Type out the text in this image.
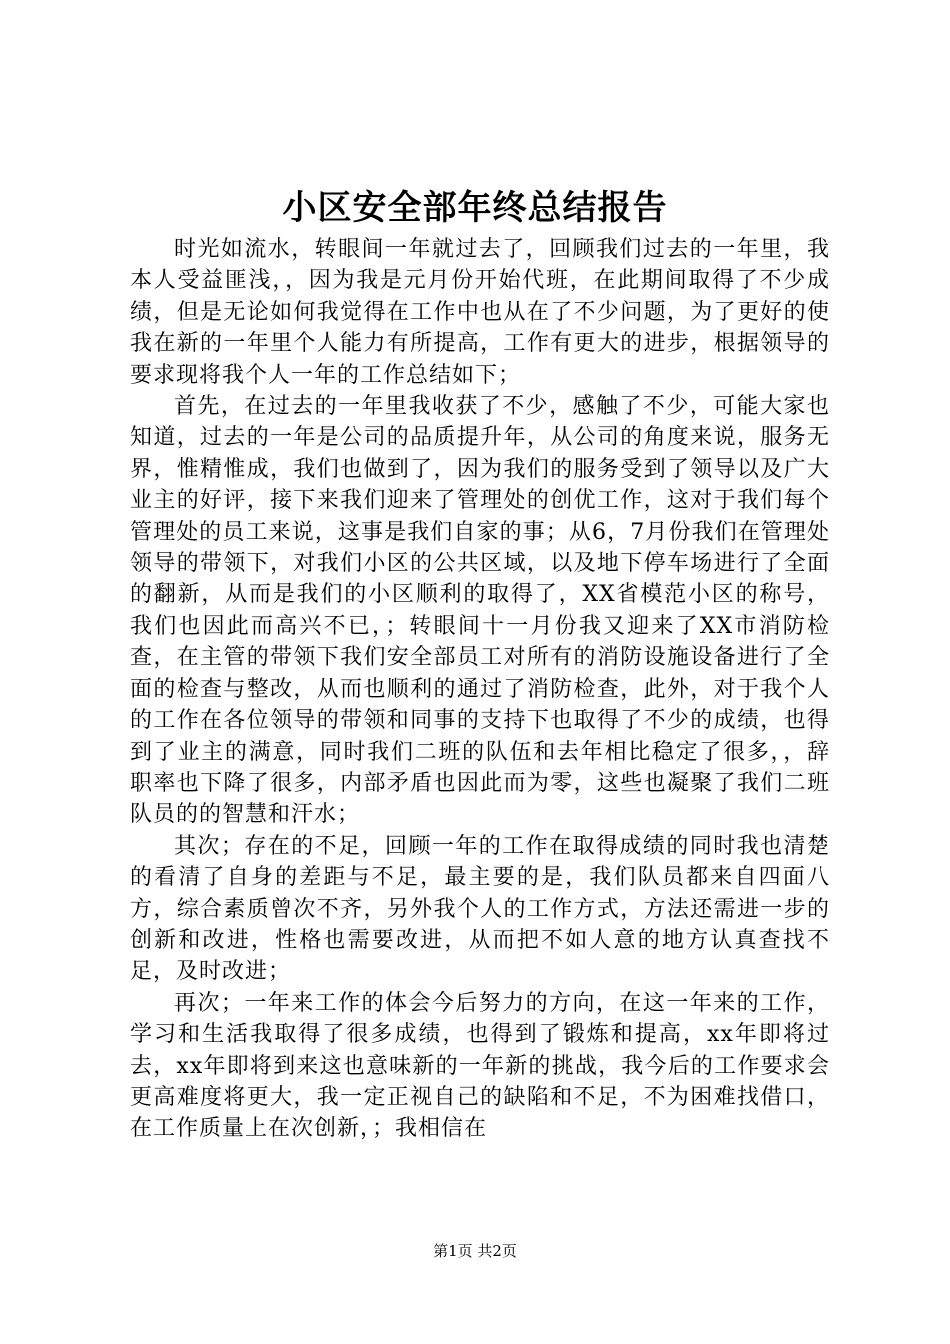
小区安全部年终总结报告

时光如流水，转眼间一年就过去了，回顾我们过去的一年里，我本人受益匪浅，，因为我是元月份开始代班，在此期间取得了不少成绩，但是无论如何我觉得在工作中也从在了不少问题，为了更好的使我在新的一年里个人能力有所提高，工作有更大的进步，根据领导的要求现将我个人一年的工作总结如下；

首先，在过去的一年里我收获了不少，感触了不少，可能大家也知道，过去的一年是公司的品质提升年，从公司的角度来说，服务无界，惟精惟成，我们也做到了，因为我们的服务受到了领导以及广大业主的好评，接下来我们迎来了管理处的创优工作，这对于我们每个管理处的员工来说，这事是我们自家的事；从6，7月份我们在管理处领导的带领下，对我们小区的公共区域，以及地下停车场进行了全面的翻新，从而是我们的小区顺利的取得了，XX省模范小区的称号，我们也因此而高兴不已，；转眼间十一月份我又迎来了XX市消防检查，在主管的带领下我们安全部员工对所有的消防设施设备进行了全面的检查与整改，从而也顺利的通过了消防检查，此外，对于我个人的工作在各位领导的带领和同事的支持下也取得了不少的成绩，也得到了业主的满意，同时我们二班的队伍和去年相比稳定了很多，，辞职率也下降了很多，内部矛盾也因此而为零，这些也凝聚了我们二班队员的的智慧和汗水；

其次；存在的不足，回顾一年的工作在取得成绩的同时我也清楚的看清了自身的差距与不足，最主要的是，我们队员都来自四面八方，综合素质曾次不齐，另外我个人的工作方式，方法还需进一步的创新和改进，性格也需要改进，从而把不如人意的地方认真查找不足，及时改进；

再次；一年来工作的体会今后努力的方向，在这一年来的工作，学习和生活我取得了很多成绩，也得到了锻炼和提高，xx年即将过去，xx年即将到来这也意味新的一年新的挑战，我今后的工作要求会更高难度将更大，我一定正视自己的缺陷和不足，不为困难找借口，在工作质量上在次创新，；我相信在

第1页 共2页
